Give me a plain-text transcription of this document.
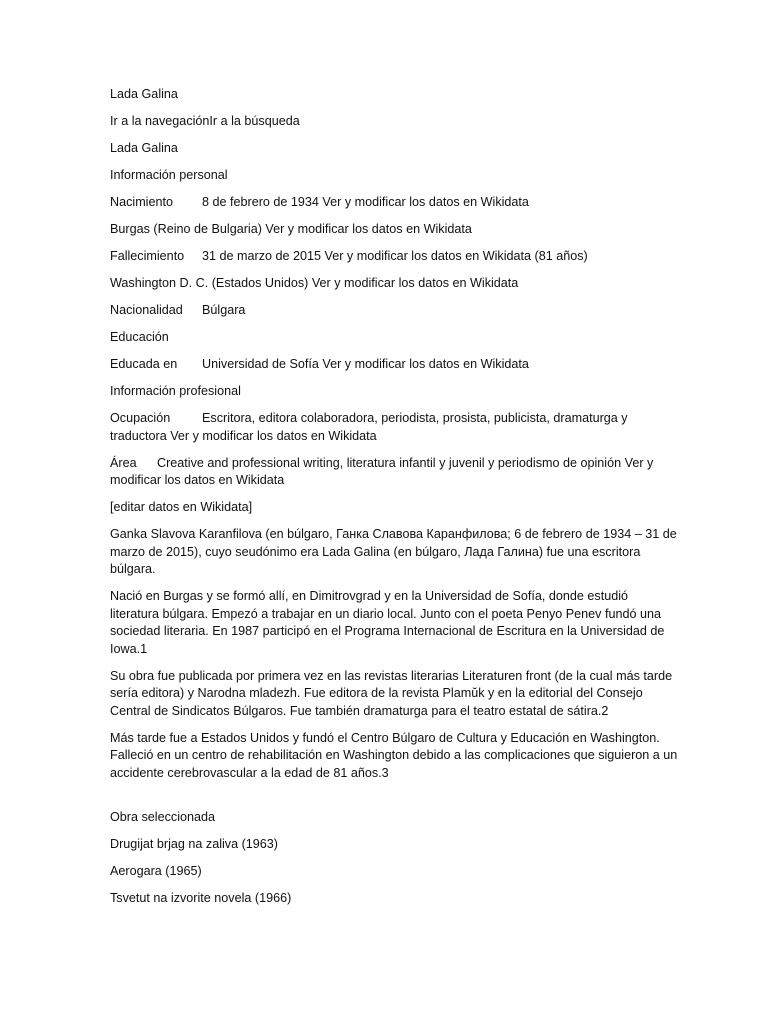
Lada Galina

Ir a la navegaciónIr a la búsqueda

Lada Galina

Información personal

Nacimiento	8 de febrero de 1934 Ver y modificar los datos en Wikidata

Burgas (Reino de Bulgaria) Ver y modificar los datos en Wikidata

Fallecimiento	31 de marzo de 2015 Ver y modificar los datos en Wikidata (81 años)

Washington D. C. (Estados Unidos) Ver y modificar los datos en Wikidata

Nacionalidad	Búlgara

Educación

Educada en	Universidad de Sofía Ver y modificar los datos en Wikidata

Información profesional

Ocupación	Escritora, editora colaboradora, periodista, prosista, publicista, dramaturga y traductora Ver y modificar los datos en Wikidata

Área Creative and professional writing, literatura infantil y juvenil y periodismo de opinión Ver y modificar los datos en Wikidata

[editar datos en Wikidata]

Ganka Slavova Karanfilova (en búlgaro, Ганка Славова Каранфилова; 6 de febrero de 1934 – 31 de marzo de 2015), cuyo seudónimo era Lada Galina (en búlgaro, Лада Галина) fue una escritora búlgara.

Nació en Burgas y se formó allí, en Dimitrovgrad y en la Universidad de Sofía, donde estudió literatura búlgara. Empezó a trabajar en un diario local. Junto con el poeta Penyo Penev fundó una sociedad literaria. En 1987 participó en el Programa Internacional de Escritura en la Universidad de Iowa.1

Su obra fue publicada por primera vez en las revistas literarias Literaturen front (de la cual más tarde sería editora) y Narodna mladezh. Fue editora de la revista Plamŭk y en la editorial del Consejo Central de Sindicatos Búlgaros. Fue también dramaturga para el teatro estatal de sátira.2

Más tarde fue a Estados Unidos y fundó el Centro Búlgaro de Cultura y Educación en Washington. Falleció en un centro de rehabilitación en Washington debido a las complicaciones que siguieron a un accidente cerebrovascular a la edad de 81 años.3

Obra seleccionada

Drugijat brjag na zaliva (1963)

Aerogara (1965)

Tsvetut na izvorite novela (1966)
